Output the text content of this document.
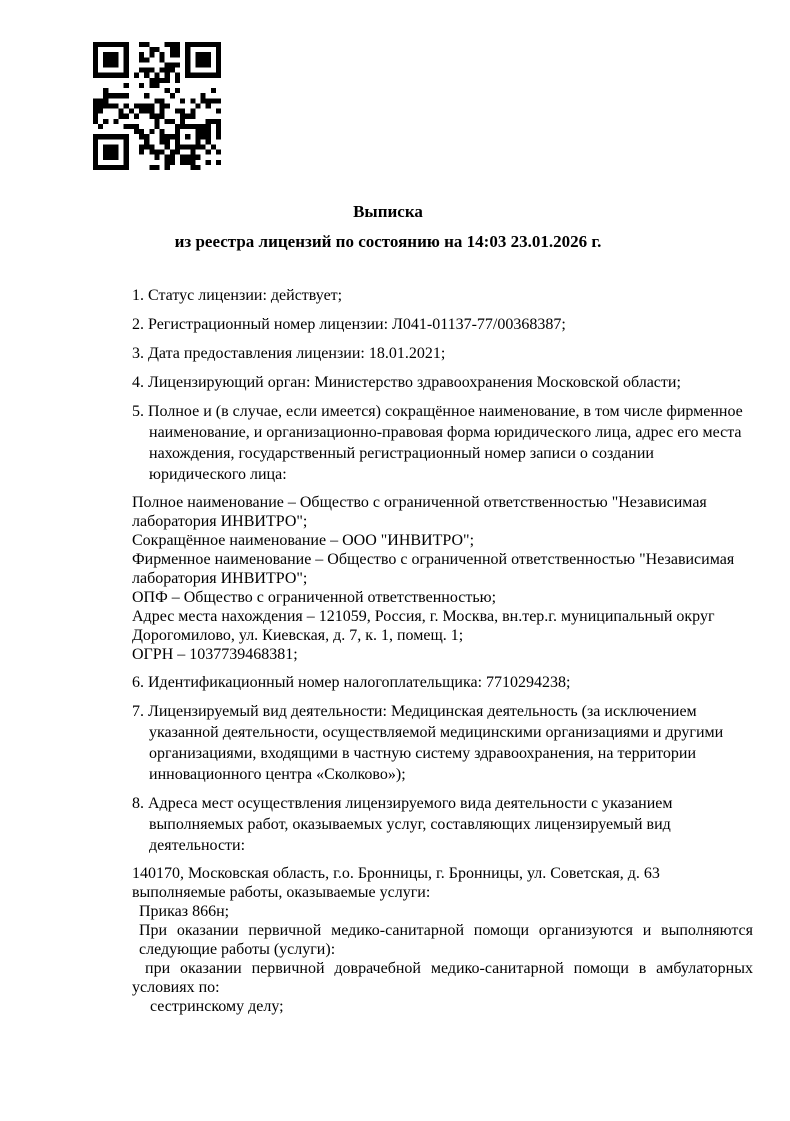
Выписка
из реестра лицензий по состоянию на 14:03 23.01.2026 г.
1. Статус лицензии: действует;
2. Регистрационный номер лицензии: Л041-01137-77/00368387;
3. Дата предоставления лицензии: 18.01.2021;
4. Лицензирующий орган: Министерство здравоохранения Московской области;
5. Полное и (в случае, если имеется) сокращённое наименование, в том числе фирменное наименование, и организационно-правовая форма юридического лица, адрес его места нахождения, государственный регистрационный номер записи о создании юридического лица:
Полное наименование – Общество с ограниченной ответственностью "Независимая лаборатория ИНВИТРО";
Сокращённое наименование – ООО "ИНВИТРО";
Фирменное наименование – Общество с ограниченной ответственностью "Независимая лаборатория ИНВИТРО";
ОПФ – Общество с ограниченной ответственностью;
Адрес места нахождения – 121059, Россия, г. Москва, вн.тер.г. муниципальный округ Дорогомилово, ул. Киевская, д. 7, к. 1, помещ. 1;
ОГРН – 1037739468381;
6. Идентификационный номер налогоплательщика: 7710294238;
7. Лицензируемый вид деятельности: Медицинская деятельность (за исключением указанной деятельности, осуществляемой медицинскими организациями и другими организациями, входящими в частную систему здравоохранения, на территории инновационного центра «Сколково»);
8. Адреса мест осуществления лицензируемого вида деятельности с указанием выполняемых работ, оказываемых услуг, составляющих лицензируемый вид деятельности:
140170, Московская область, г.о. Бронницы, г. Бронницы, ул. Советская, д. 63
выполняемые работы, оказываемые услуги:
Приказ 866н;
При оказании первичной медико-санитарной помощи организуются и выполняются следующие работы (услуги):
при оказании первичной доврачебной медико-санитарной помощи в амбулаторных условиях по:
сестринскому делу;
